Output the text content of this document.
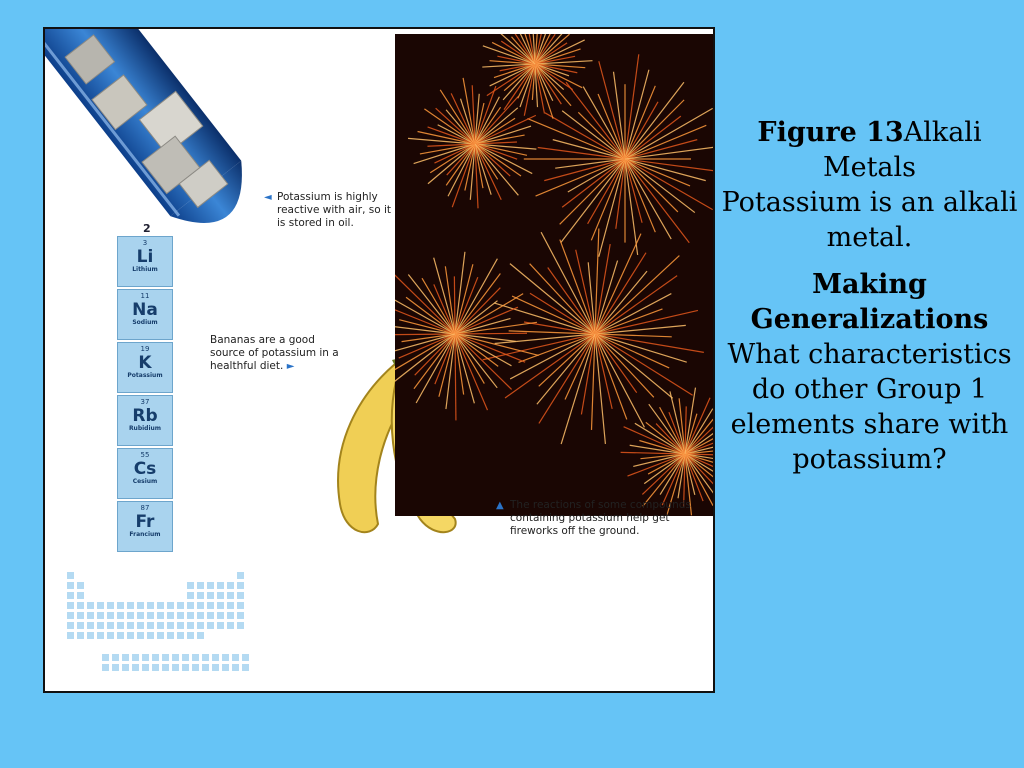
◄ Potassium is highly reactive with air, so it is stored in oil.
2
3
Li
Lithium
11
Na
Sodium
19
K
Potassium
37
Rb
Rubidium
55
Cs
Cesium
87
Fr
Francium
Bananas are a good source of potassium in a healthful diet. ►
▲ The reactions of some compounds containing potassium help get fireworks off the ground.

Figure 13Alkali Metals
Potassium is an alkali metal.

Making Generalizations
What characteristics do other Group 1 elements share with potassium?
